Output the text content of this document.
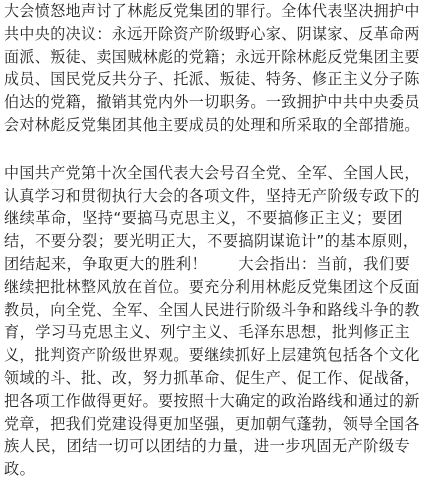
大会愤怒地声讨了林彪反党集团的罪行。全体代表坚决拥护中
共中央的决议：永远开除资产阶级野心家、阴谋家、反革命两
面派、叛徒、卖国贼林彪的党籍；永远开除林彪反党集团主要
成员、国民党反共分子、托派、叛徒、特务、修正主义分子陈
伯达的党籍，撤销其党内外一切职务。一致拥护中共中央委员
会对林彪反党集团其他主要成员的处理和所采取的全部措施。

中国共产党第十次全国代表大会号召全党、全军、全国人民，
认真学习和贯彻执行大会的各项文件，坚持无产阶级专政下的
继续革命，坚持“要搞马克思主义，不要搞修正主义；要团
结，不要分裂；要光明正大，不要搞阴谋诡计”的基本原则，
团结起来，争取更大的胜利！　　大会指出：当前，我们要
继续把批林整风放在首位。要充分利用林彪反党集团这个反面
教员，向全党、全军、全国人民进行阶级斗争和路线斗争的教
育，学习马克思主义、列宁主义、毛泽东思想，批判修正主
义，批判资产阶级世界观。要继续抓好上层建筑包括各个文化
领域的斗、批、改，努力抓革命、促生产、促工作、促战备，
把各项工作做得更好。要按照十大确定的政治路线和通过的新
党章，把我们党建设得更加坚强，更加朝气蓬勃，领导全国各
族人民，团结一切可以团结的力量，进一步巩固无产阶级专
政。
